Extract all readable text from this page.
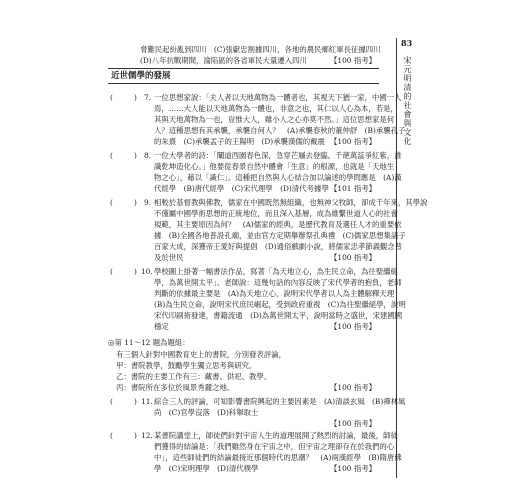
83
宋元明清的社會與文化
脅難民起紛亂到四川　(C)張獻忠割據四川，各地的農民鄉紅軍長征據四川
(D)八年抗戰期間，淪陷區的各省軍民大量遷入四川	【100 指考】
近世儒學的發展
(	) 7. 一位思想家說：「夫人者以天地萬物為一體者也，其視天下猶一家，中國一人
焉，……大人能以天地萬物為一體也，非意之也，其仁以人心為本，若是，
其與天地萬物為一也，豈惟大人，雖小人之心亦莫不然。」這位思想家是何
人？這種思想有其承襲，承襲自何人？　(A)承襲春秋的董仲舒　(B)承襲孔子
的朱熹　(C)承襲孟子的王陽明　(D)承襲漢儒的戴震 【100 指考】
(	) 8. 一位大學者的詩：「闡道西園春色深，急穿芒屩去登臨。千葩萬蕊爭紅紫，誰
識乾坤造化心。」他要從春景自然中體會「生意」的根源，也就是「天地生
物之心」，藉以「識仁」。這種把自然與人心結合加以論述的學問應是　(A)漢
代經學　(B)唐代經學　(C)宋代理學　(D)清代考據學 【101 指考】
(	) 9. 相較於基督教與佛教，儒家在中國既然無組織，也無神父牧師，卻成千年來，其學說
不僅屬中國學術思想的正統地位，而且深入基層，成為維繫世道人心的社會
規範，其主要原因為何？　(A)儒家的經典，是歷代教育及選任人才的重要依
據　(B)全國各地普設孔廟，並由官方定期舉辦祭孔典禮　(C)儒家思想集諸子
百家大成，深獲帝王愛好與提倡　(D)通俗戲劇小說，將儒家忠孝節義觀念普
及於世民	【100 指考】
(	) 10. 學校圖上掛著一幅書法作品，寫著「為天地立心，為生民立命，為往聖繼絕
學，為萬世開太平」。老師說：這幾句話的內容反映了宋代學者的抱負，老師
判斷的依據最主要是　(A)為天地立心，說明宋代學者以人為主體解釋天理
(B)為生民立命，說明宋代庶民崛起，受到政府重視　(C)為往聖繼絕學，說明
宋代印刷術發達，書籍流通　(D)為萬世開太平，說明當時之盛世，宋建國國
穩定	【100 指考】
◎第 11～12 題為題組：
有三個人針對中國教育史上的書院，分別發表評論，
甲：書院教學，鼓勵學生獨立思考與研究。
乙：書院的主要工作有三：藏書、供祀、教學。
丙：書院所在多位於風景秀麗之地。	【100 指考】
(	) 11. 綜合三人的評論，可知影響書院興起的主要因素是　(A)清談玄風　(B)禪林風
尚　(C)官學沒落　(D)科舉取士
【100 指考】
(	) 12. 某書院講堂上，師徒們針對宇宙人生的道理展開了熱烈的討論，最後，師徒
們獲得的結論是：「我們雖然身在宇宙之中，但宇宙之理卻存在於我們的心
中」，這些師徒們的結論最接近那個時代的思潮？　(A)兩漢經學　(B)隋唐佛
學　(C)宋明理學　(D)清代樸學	【100 指考】
